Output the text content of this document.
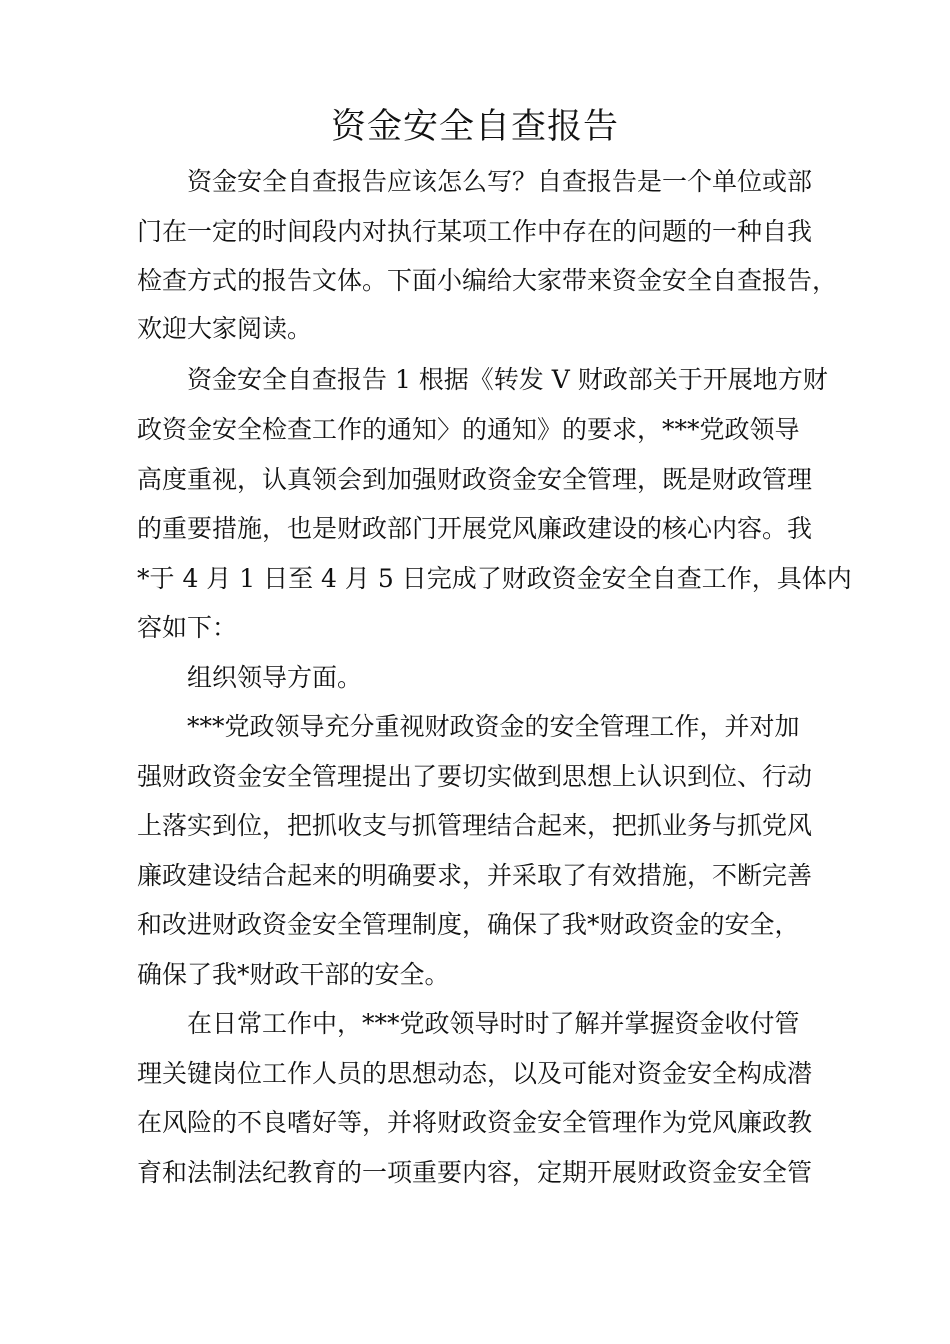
资金安全自查报告

资金安全自查报告应该怎么写？自查报告是一个单位或部

门在一定的时间段内对执行某项工作中存在的问题的一种自我

检查方式的报告文体。下面小编给大家带来资金安全自查报告，

欢迎大家阅读。

资金安全自查报告 1 根据《转发 V 财政部关于开展地方财

政资金安全检查工作的通知〉的通知》的要求，***党政领导

高度重视，认真领会到加强财政资金安全管理，既是财政管理

的重要措施，也是财政部门开展党风廉政建设的核心内容。我

*于 4 月 1 日至 4 月 5 日完成了财政资金安全自查工作，具体内

容如下：

组织领导方面。

***党政领导充分重视财政资金的安全管理工作，并对加

强财政资金安全管理提出了要切实做到思想上认识到位、行动

上落实到位，把抓收支与抓管理结合起来，把抓业务与抓党风

廉政建设结合起来的明确要求，并采取了有效措施，不断完善

和改进财政资金安全管理制度，确保了我*财政资金的安全，

确保了我*财政干部的安全。

在日常工作中，***党政领导时时了解并掌握资金收付管

理关键岗位工作人员的思想动态，以及可能对资金安全构成潜

在风险的不良嗜好等，并将财政资金安全管理作为党风廉政教

育和法制法纪教育的一项重要内容，定期开展财政资金安全管
